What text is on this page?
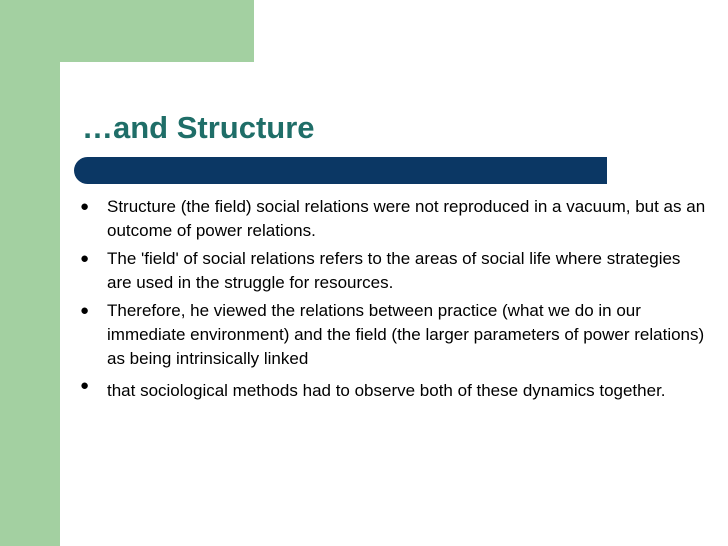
…and Structure
● Structure (the field) social relations were not reproduced in a vacuum, but as an outcome of power relations.
● The 'field' of social relations refers to the areas of social life where strategies are used in the struggle for resources.
● Therefore, he viewed the relations between practice (what we do in our immediate environment) and the field (the larger parameters of power relations) as being intrinsically linked
● that sociological methods had to observe both of these dynamics together.
